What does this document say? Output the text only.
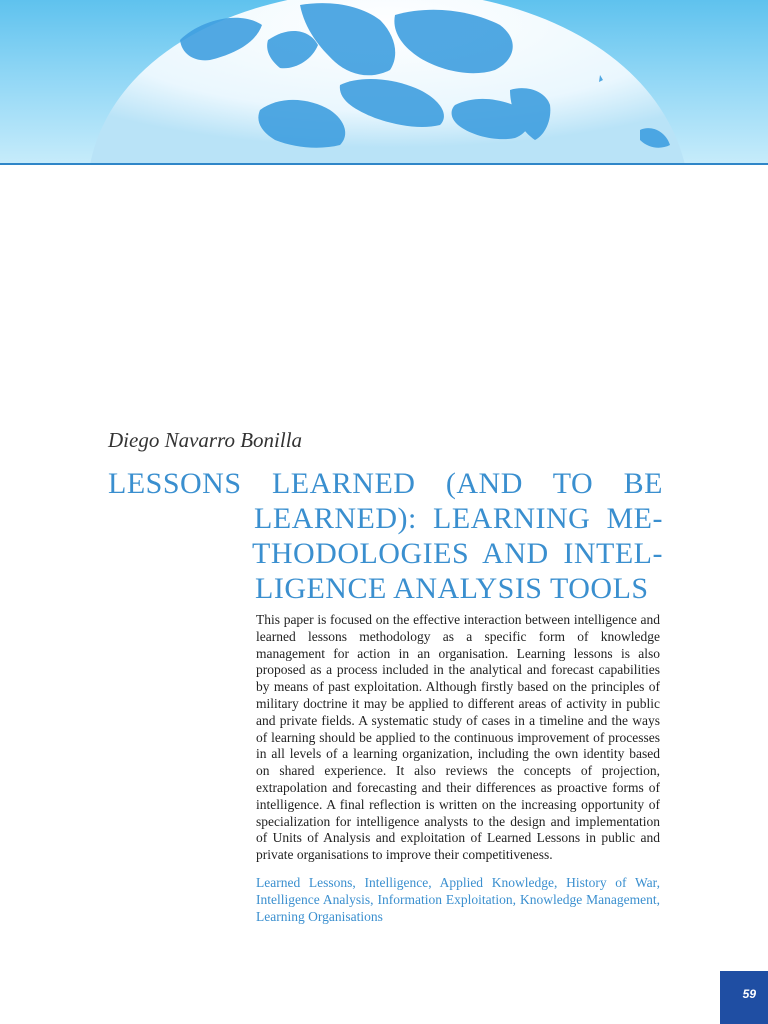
Diego Navarro Bonilla

LESSONS LEARNED (AND TO BE
LEARNED): LEARNING ME-
THODOLOGIES AND INTEL-
LIGENCE ANALYSIS TOOLS

This paper is focused on the effective interaction between intelligence and learned lessons methodology as a specific form of knowledge management for action in an organisation. Learning lessons is also proposed as a process included in the analytical and forecast capabilities by means of past exploitation. Although firstly based on the principles of military doctrine it may be applied to different areas of activity in public and private fields. A systematic study of cases in a timeline and the ways of learning should be applied to the continuous improvement of processes in all levels of a learning organization, including the own identity based on shared experience. It also reviews the concepts of projection, extrapolation and forecasting and their differences as proactive forms of intelligence. A final reflection is written on the increasing opportunity of specialization for intelligence analysts to the design and implementation of Units of Analysis and exploitation of Learned Lessons in public and private organisations to improve their competitiveness.

Learned Lessons, Intelligence, Applied Knowledge, History of War, Intelligence Analysis, Information Exploitation, Knowledge Management, Learning Organisations

59
